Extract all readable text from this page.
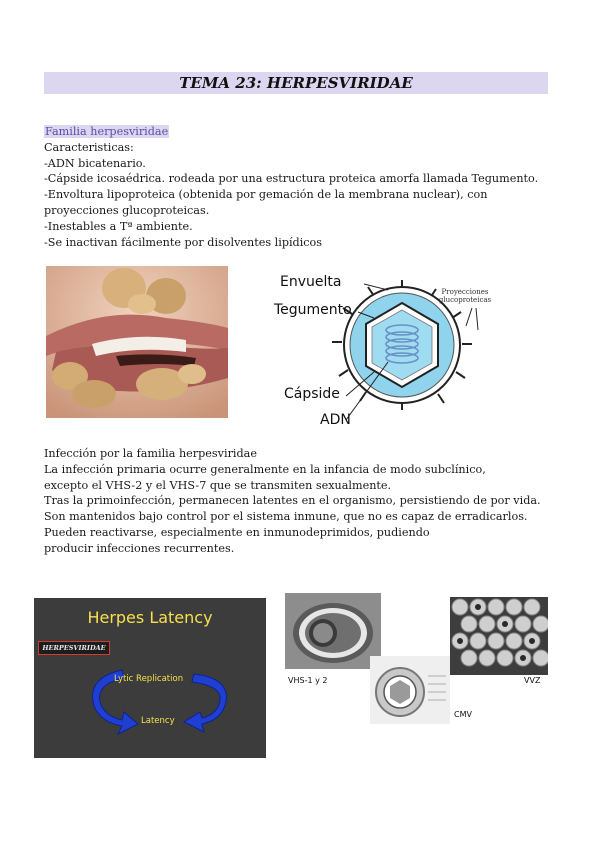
TEMA 23: HERPESVIRIDAE
Familia herpesviridae
Caracteristicas:
-ADN bicatenario.
-Cápside icosaédrica. rodeada por una estructura proteica amorfa llamada Tegumento.
-Envoltura lipoproteica (obtenida por gemación de la membrana nuclear), con proyecciones glucoproteicas.
-Inestables a Tª ambiente.
-Se inactivan fácilmente por disolventes lipídicos
Envuelta
Tegumento
Cápside
ADN
Proyecciones glucoproteicas
Infección por la familia herpesviridae
La infección primaria ocurre generalmente en la infancia de modo subclínico,
excepto el VHS-2 y el VHS-7 que se transmiten sexualmente.
Tras la primoinfección, permanecen latentes en el organismo, persistiendo de por vida.
Son mantenidos bajo control por el sistema inmune, que no es capaz de erradicarlos.
Pueden reactivarse, especialmente en inmunodeprimidos, pudiendo
producir infecciones recurrentes.
Herpes Latency
HERPESVIRIDAE
Lytic Replication
Latency
VHS-1 y 2
CMV
VVZ
